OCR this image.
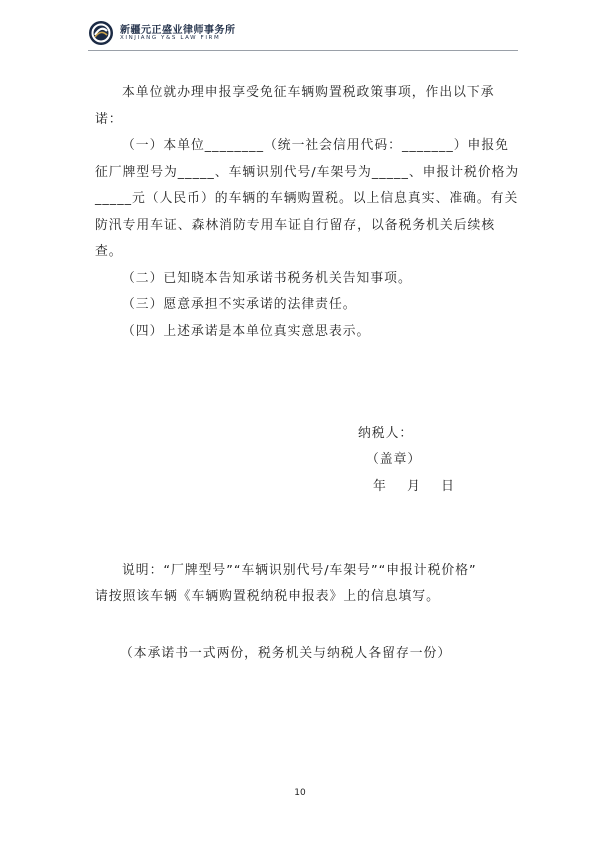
新疆元正盛业律师事务所
XINJIANG Y&S LAW FIRM

本单位就办理申报享受免征车辆购置税政策事项，作出以下承诺：

（一）本单位________（统一社会信用代码：_______）申报免征厂牌型号为_____、车辆识别代号/车架号为_____、申报计税价格为 _____元（人民币）的车辆的车辆购置税。以上信息真实、准确。有关防汛专用车证、森林消防专用车证自行留存，以备税务机关后续核查。

（二）已知晓本告知承诺书税务机关告知事项。

（三）愿意承担不实承诺的法律责任。

（四）上述承诺是本单位真实意思表示。

纳税人：
（盖章）
年    月    日

说明：“厂牌型号”“车辆识别代号/车架号”“申报计税价格”

请按照该车辆《车辆购置税纳税申报表》上的信息填写。

（本承诺书一式两份，税务机关与纳税人各留存一份）
10
